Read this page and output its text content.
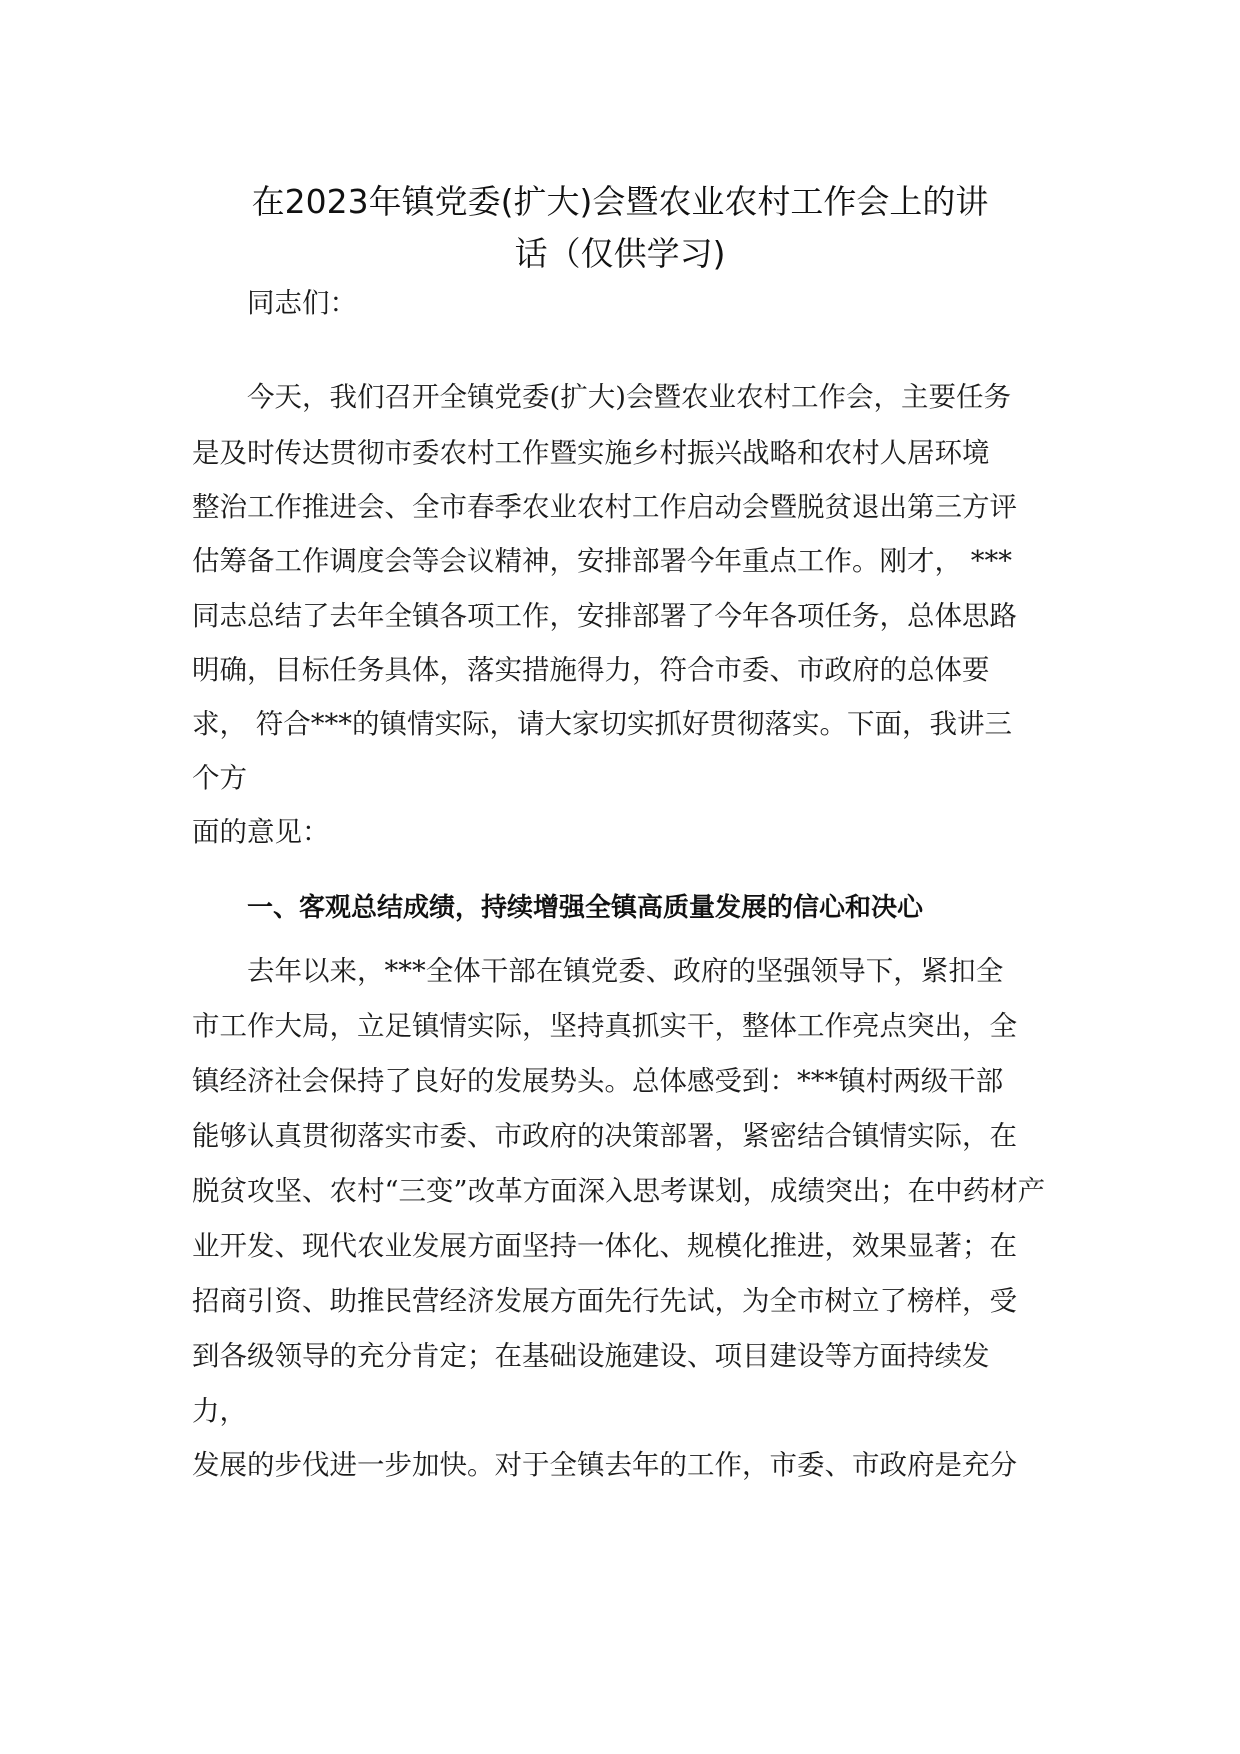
在2023年镇党委(扩大)会暨农业农村工作会上的讲
话（仅供学习)
同志们：
今天，我们召开全镇党委(扩大)会暨农业农村工作会，主要任务
是及时传达贯彻市委农村工作暨实施乡村振兴战略和农村人居环境
整治工作推进会、全市春季农业农村工作启动会暨脱贫退出第三方评
估筹备工作调度会等会议精神，安排部署今年重点工作。刚才， ***
同志总结了去年全镇各项工作，安排部署了今年各项任务，总体思路
明确，目标任务具体，落实措施得力，符合市委、市政府的总体要
求， 符合***的镇情实际，请大家切实抓好贯彻落实。下面，我讲三
个方
面的意见：
一、客观总结成绩，持续增强全镇高质量发展的信心和决心
去年以来，***全体干部在镇党委、政府的坚强领导下，紧扣全
市工作大局，立足镇情实际，坚持真抓实干，整体工作亮点突出，全
镇经济社会保持了良好的发展势头。总体感受到：***镇村两级干部
能够认真贯彻落实市委、市政府的决策部署，紧密结合镇情实际，在
脱贫攻坚、农村“三变”改革方面深入思考谋划，成绩突出；在中药材产
业开发、现代农业发展方面坚持一体化、规模化推进，效果显著；在
招商引资、助推民营经济发展方面先行先试，为全市树立了榜样，受
到各级领导的充分肯定；在基础设施建设、项目建设等方面持续发
力，
发展的步伐进一步加快。对于全镇去年的工作，市委、市政府是充分
